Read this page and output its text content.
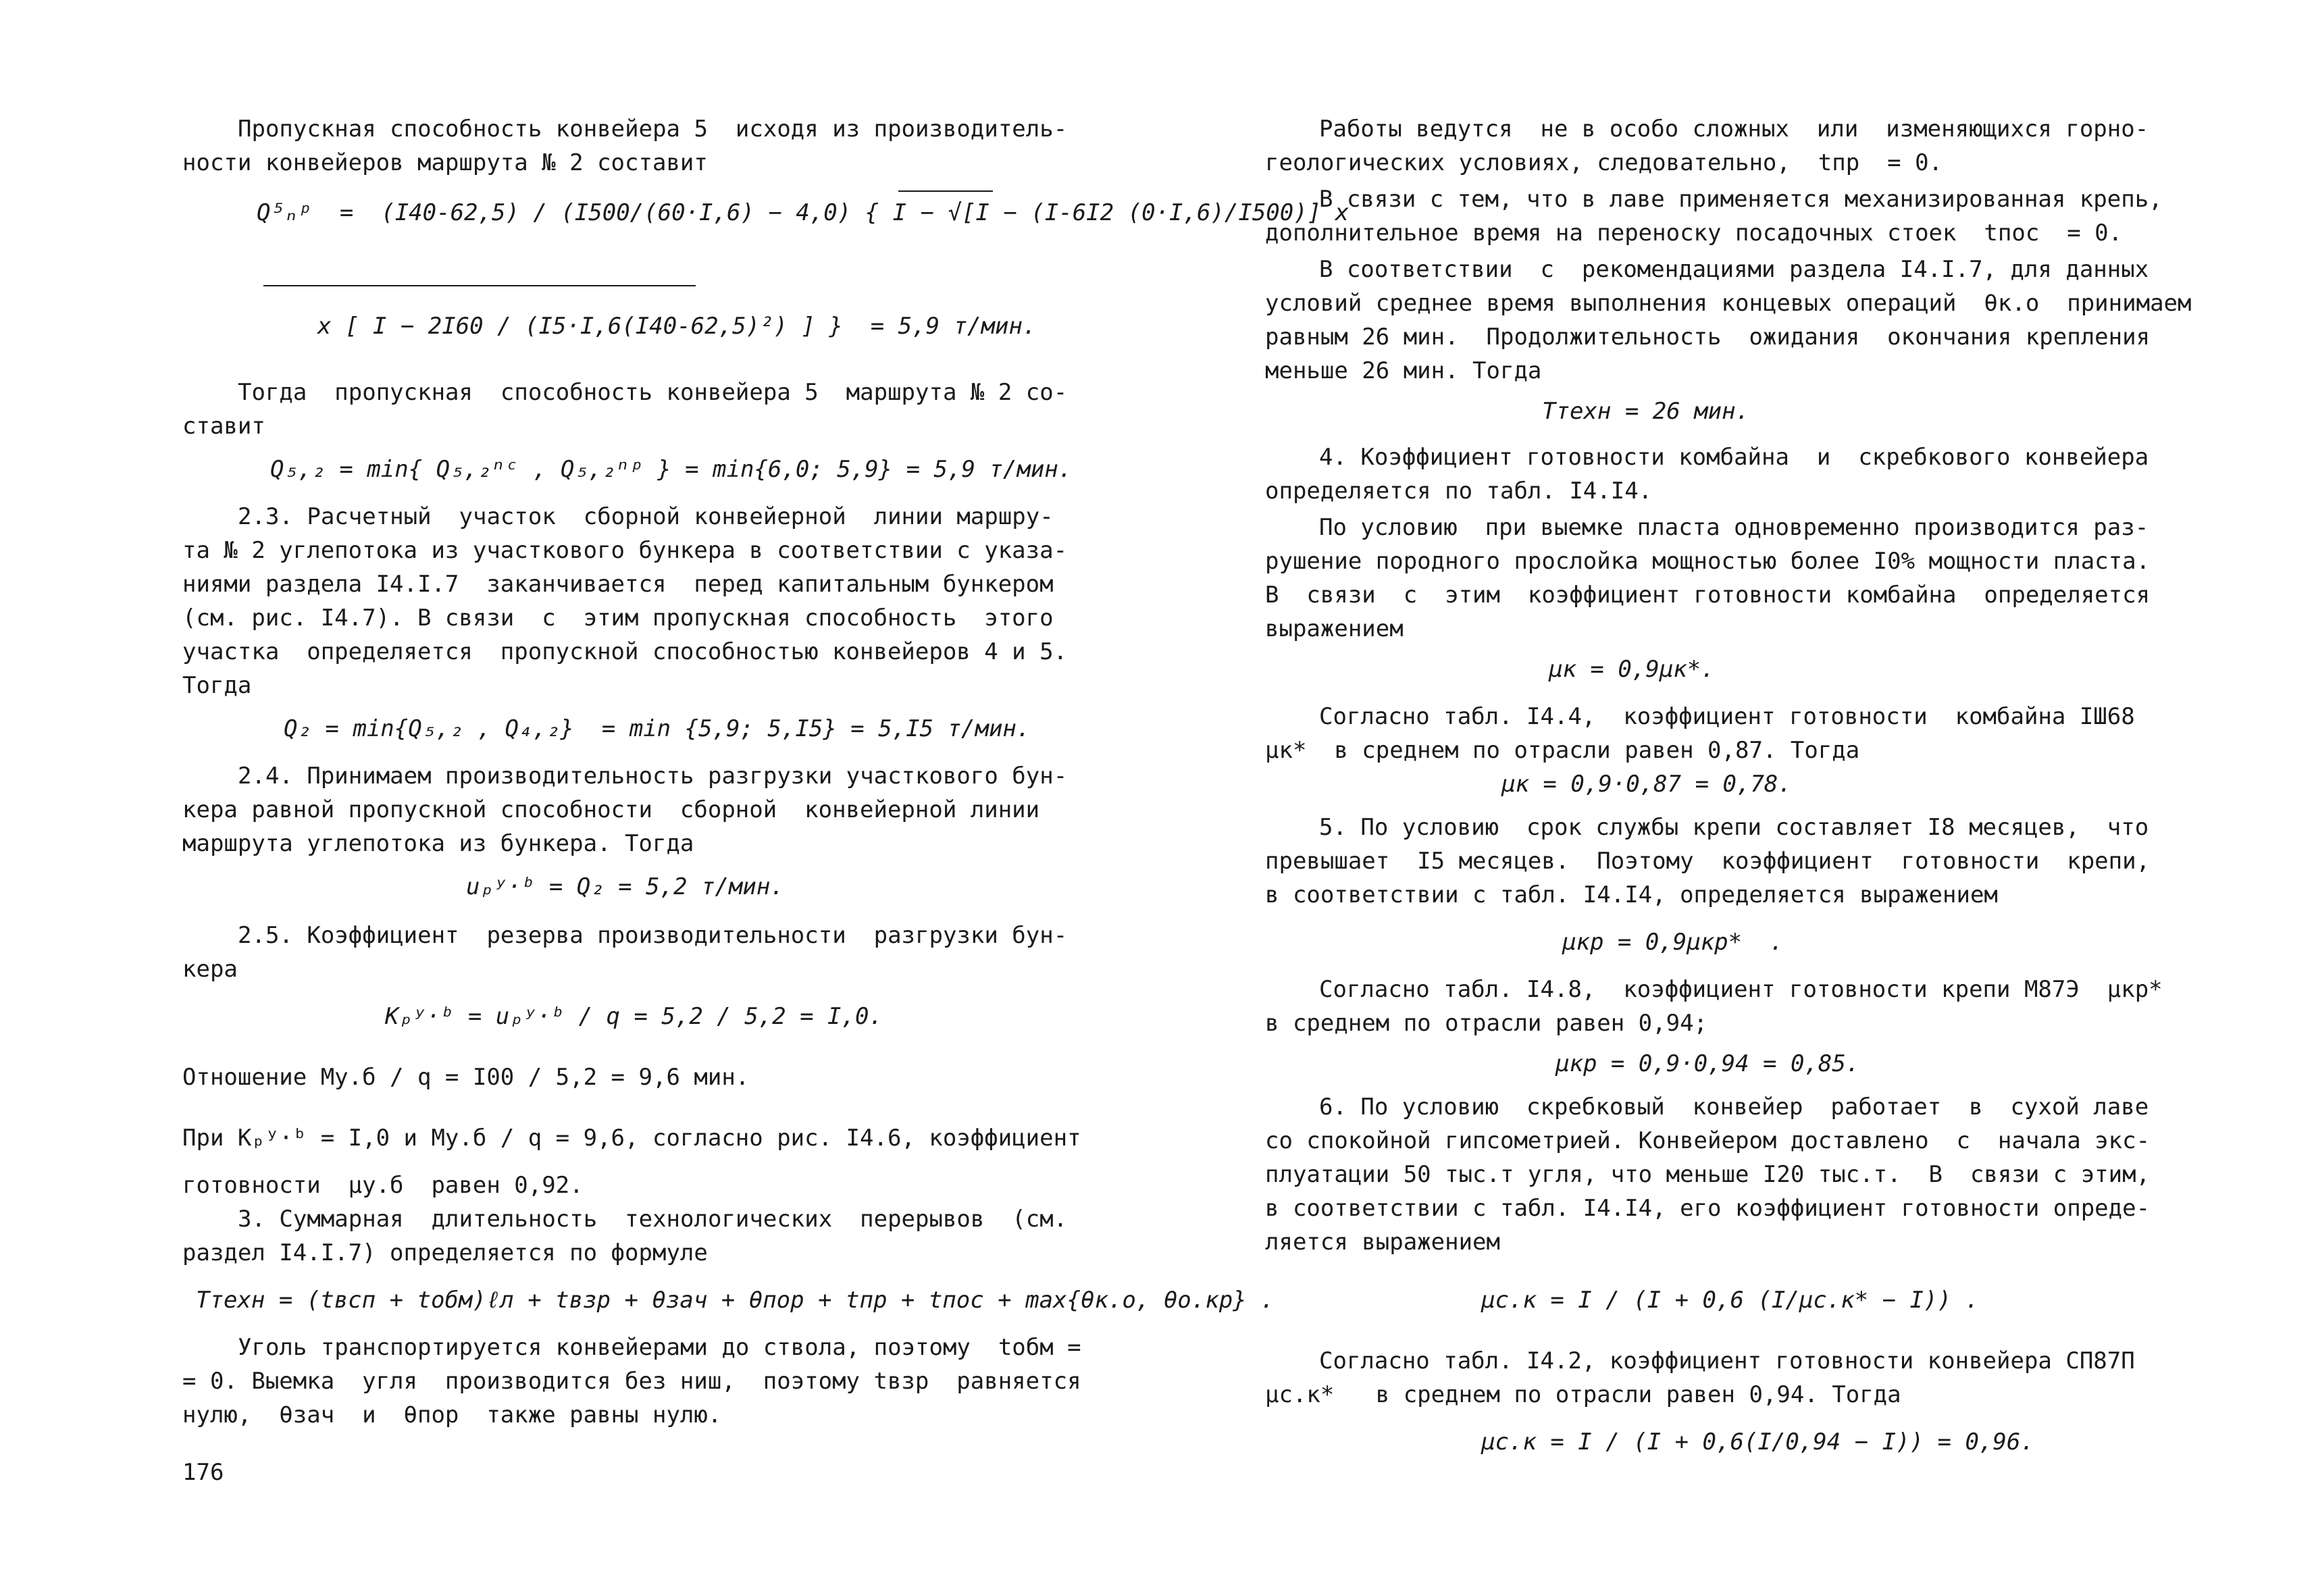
Пропускная способность конвейера 5  исходя из производитель-
ности конвейеров маршрута № 2 составит
Q⁵ₙᵖ  =  (I40-62,5) / (I500/(60·I,6) − 4,0) { I − √[I − (I-6I2 (0·I,6)/I500)] x
x [ I − 2I60 / (I5·I,6(I40-62,5)²) ] }  = 5,9 т/мин.
Тогда  пропускная  способность конвейера 5  маршрута № 2 со-
ставит
Q₅,₂ = min{ Q₅,₂ⁿᶜ , Q₅,₂ⁿᵖ } = min{6,0; 5,9} = 5,9 т/мин.
2.3. Расчетный  участок  сборной конвейерной  линии маршру-
та № 2 углепотока из участкового бункера в соответствии с указа-
ниями раздела I4.I.7  заканчивается  перед капитальным бункером
(см. рис. I4.7). В связи  с  этим пропускная способность  этого
участка  определяется  пропускной способностью конвейеров 4 и 5.
Тогда
Q₂ = min{Q₅,₂ , Q₄,₂}  = min {5,9; 5,I5} = 5,I5 т/мин.
2.4. Принимаем производительность разгрузки участкового бун-
кера равной пропускной способности  сборной  конвейерной линии
маршрута углепотока из бункера. Тогда
uₚʸ·ᵇ = Q₂ = 5,2 т/мин.
2.5. Коэффициент  резерва производительности  разгрузки бун-
кера
Kₚʸ·ᵇ = uₚʸ·ᵇ / q = 5,2 / 5,2 = I,0.
Отношение Mу.б / q = I00 / 5,2 = 9,6 мин.
При Kₚʸ·ᵇ = I,0 и Mу.б / q = 9,6, согласно рис. I4.6, коэффициент
готовности  μу.б  равен 0,92.
3. Суммарная  длительность  технологических  перерывов  (см.
раздел I4.I.7) определяется по формуле
Tтехн = (tвсп + tобм)ℓл + tвзр + θзач + θпор + tпр + tпос + max{θк.о, θо.кр} .
Уголь транспортируется конвейерами до ствола, поэтому  tобм =
= 0. Выемка  угля  производится без ниш,  поэтому tвзр  равняется
нулю,  θзач  и  θпор  также равны нулю.
176
Работы ведутся  не в особо сложных  или  изменяющихся горно-
геологических условиях, следовательно,  tпр  = 0.
В связи с тем, что в лаве применяется механизированная крепь,
дополнительное время на переноску посадочных стоек  tпос  = 0.
В соответствии  с  рекомендациями раздела I4.I.7, для данных
условий среднее время выполнения концевых операций  θк.о  принимаем
равным 26 мин.  Продолжительность  ожидания  окончания крепления
меньше 26 мин. Тогда
Tтехн = 26 мин.
4. Коэффициент готовности комбайна  и  скребкового конвейера
определяется по табл. I4.I4.
По условию  при выемке пласта одновременно производится раз-
рушение породного прослойка мощностью более I0% мощности пласта.
В  связи  с  этим  коэффициент готовности комбайна  определяется
выражением
μк = 0,9μк*.
Согласно табл. I4.4,  коэффициент готовности  комбайна IШ68
μк*  в среднем по отрасли равен 0,87. Тогда
μк = 0,9·0,87 = 0,78.
5. По условию  срок службы крепи составляет I8 месяцев,  что
превышает  I5 месяцев.  Поэтому  коэффициент  готовности  крепи,
в соответствии с табл. I4.I4, определяется выражением
μкр = 0,9μкр*  .
Согласно табл. I4.8,  коэффициент готовности крепи М87Э  μкр*
в среднем по отрасли равен 0,94;
μкр = 0,9·0,94 = 0,85.
6. По условию  скребковый  конвейер  работает  в  сухой лаве
со спокойной гипсометрией. Конвейером доставлено  с  начала экс-
плуатации 50 тыс.т угля, что меньше I20 тыс.т.  В  связи с этим,
в соответствии с табл. I4.I4, его коэффициент готовности опреде-
ляется выражением
μс.к = I / (I + 0,6 (I/μс.к* − I)) .
Согласно табл. I4.2, коэффициент готовности конвейера СП87П
μс.к*   в среднем по отрасли равен 0,94. Тогда
μс.к = I / (I + 0,6(I/0,94 − I)) = 0,96.
